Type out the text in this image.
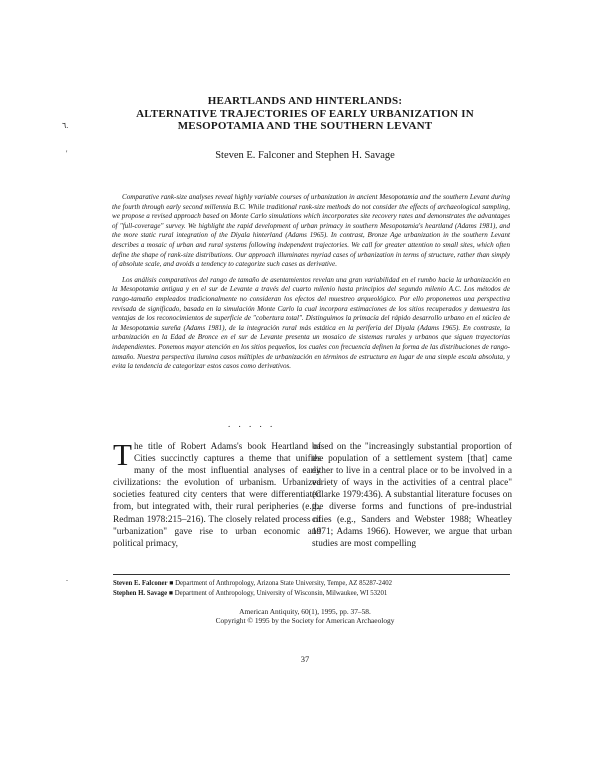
٦.
'
.
HEARTLANDS AND HINTERLANDS:
ALTERNATIVE TRAJECTORIES OF EARLY URBANIZATION IN
MESOPOTAMIA AND THE SOUTHERN LEVANT
Steven E. Falconer and Stephen H. Savage

Comparative rank-size analyses reveal highly variable courses of urbanization in ancient Mesopotamia and the southern Levant during the fourth through early second millennia B.C. While traditional rank-size methods do not consider the effects of archaeological sampling, we propose a revised approach based on Monte Carlo simulations which incorporates site recovery rates and demonstrates the advantages of "full-coverage" survey. We highlight the rapid development of urban primacy in southern Mesopotamia's heartland (Adams 1981), and the more static rural integration of the Diyala hinterland (Adams 1965). In contrast, Bronze Age urbanization in the southern Levant describes a mosaic of urban and rural systems following independent trajectories. We call for greater attention to small sites, which often define the shape of rank-size distributions. Our approach illuminates myriad cases of urbanization in terms of structure, rather than simply of absolute scale, and avoids a tendency to categorize such cases as derivative.

Los análisis comparativos del rango de tamaño de asentamientos revelan una gran variabilidad en el rumbo hacia la urbanización en la Mesopotamia antigua y en el sur de Levante a través del cuarto milenio hasta principios del segundo milenio A.C. Los métodos de rango-tamaño empleados tradicionalmente no consideran los efectos del muestreo arqueológico. Por ello proponemos una perspectiva revisada de significado, basada en la simulación Monte Carlo la cual incorpora estimaciones de los sitios recuperados y demuestra las ventajas de los reconocimientos de superficie de "cobertura total". Distinguimos la primacía del rápido desarrollo urbano en el núcleo de la Mesopotamia sureña (Adams 1981), de la integración rural más estática en la periferia del Diyala (Adams 1965). En contraste, la urbanización en la Edad de Bronce en el sur de Levante presenta un mosaico de sistemas rurales y urbanos que siguen trayectorias independientes. Ponemos mayor atención en los sitios pequeños, los cuales con frecuencia definen la forma de las distribuciones de rango-tamaño. Nuestra perspectiva ilumina casos múltiples de urbanización en términos de estructura en lugar de una simple escala absoluta, y evita la tendencia de categorizar estos casos como derivativos.

. . . . .

T he title of Robert Adams's book Heartland of Cities succinctly captures a theme that unifies many of the most influential analyses of early civilizations: the evolution of urbanism. Urbanized societies featured city centers that were differentiated from, but integrated with, their rural peripheries (e.g., Redman 1978:215–216). The closely related process of "urbanization" gave rise to urban economic and political primacy,

based on the "increasingly substantial proportion of the population of a settlement system [that] came either to live in a central place or to be involved in a variety of ways in the activities of a central place" (Clarke 1979:436). A substantial literature focuses on the diverse forms and functions of pre-industrial cities (e.g., Sanders and Webster 1988; Wheatley 1971; Adams 1966). However, we argue that urban studies are most compelling

Steven E. Falconer ■ Department of Anthropology, Arizona State University, Tempe, AZ 85287-2402
Stephen H. Savage ■ Department of Anthropology, University of Wisconsin, Milwaukee, WI 53201
American Antiquity, 60(1), 1995, pp. 37–58.
Copyright © 1995 by the Society for American Archaeology
37
